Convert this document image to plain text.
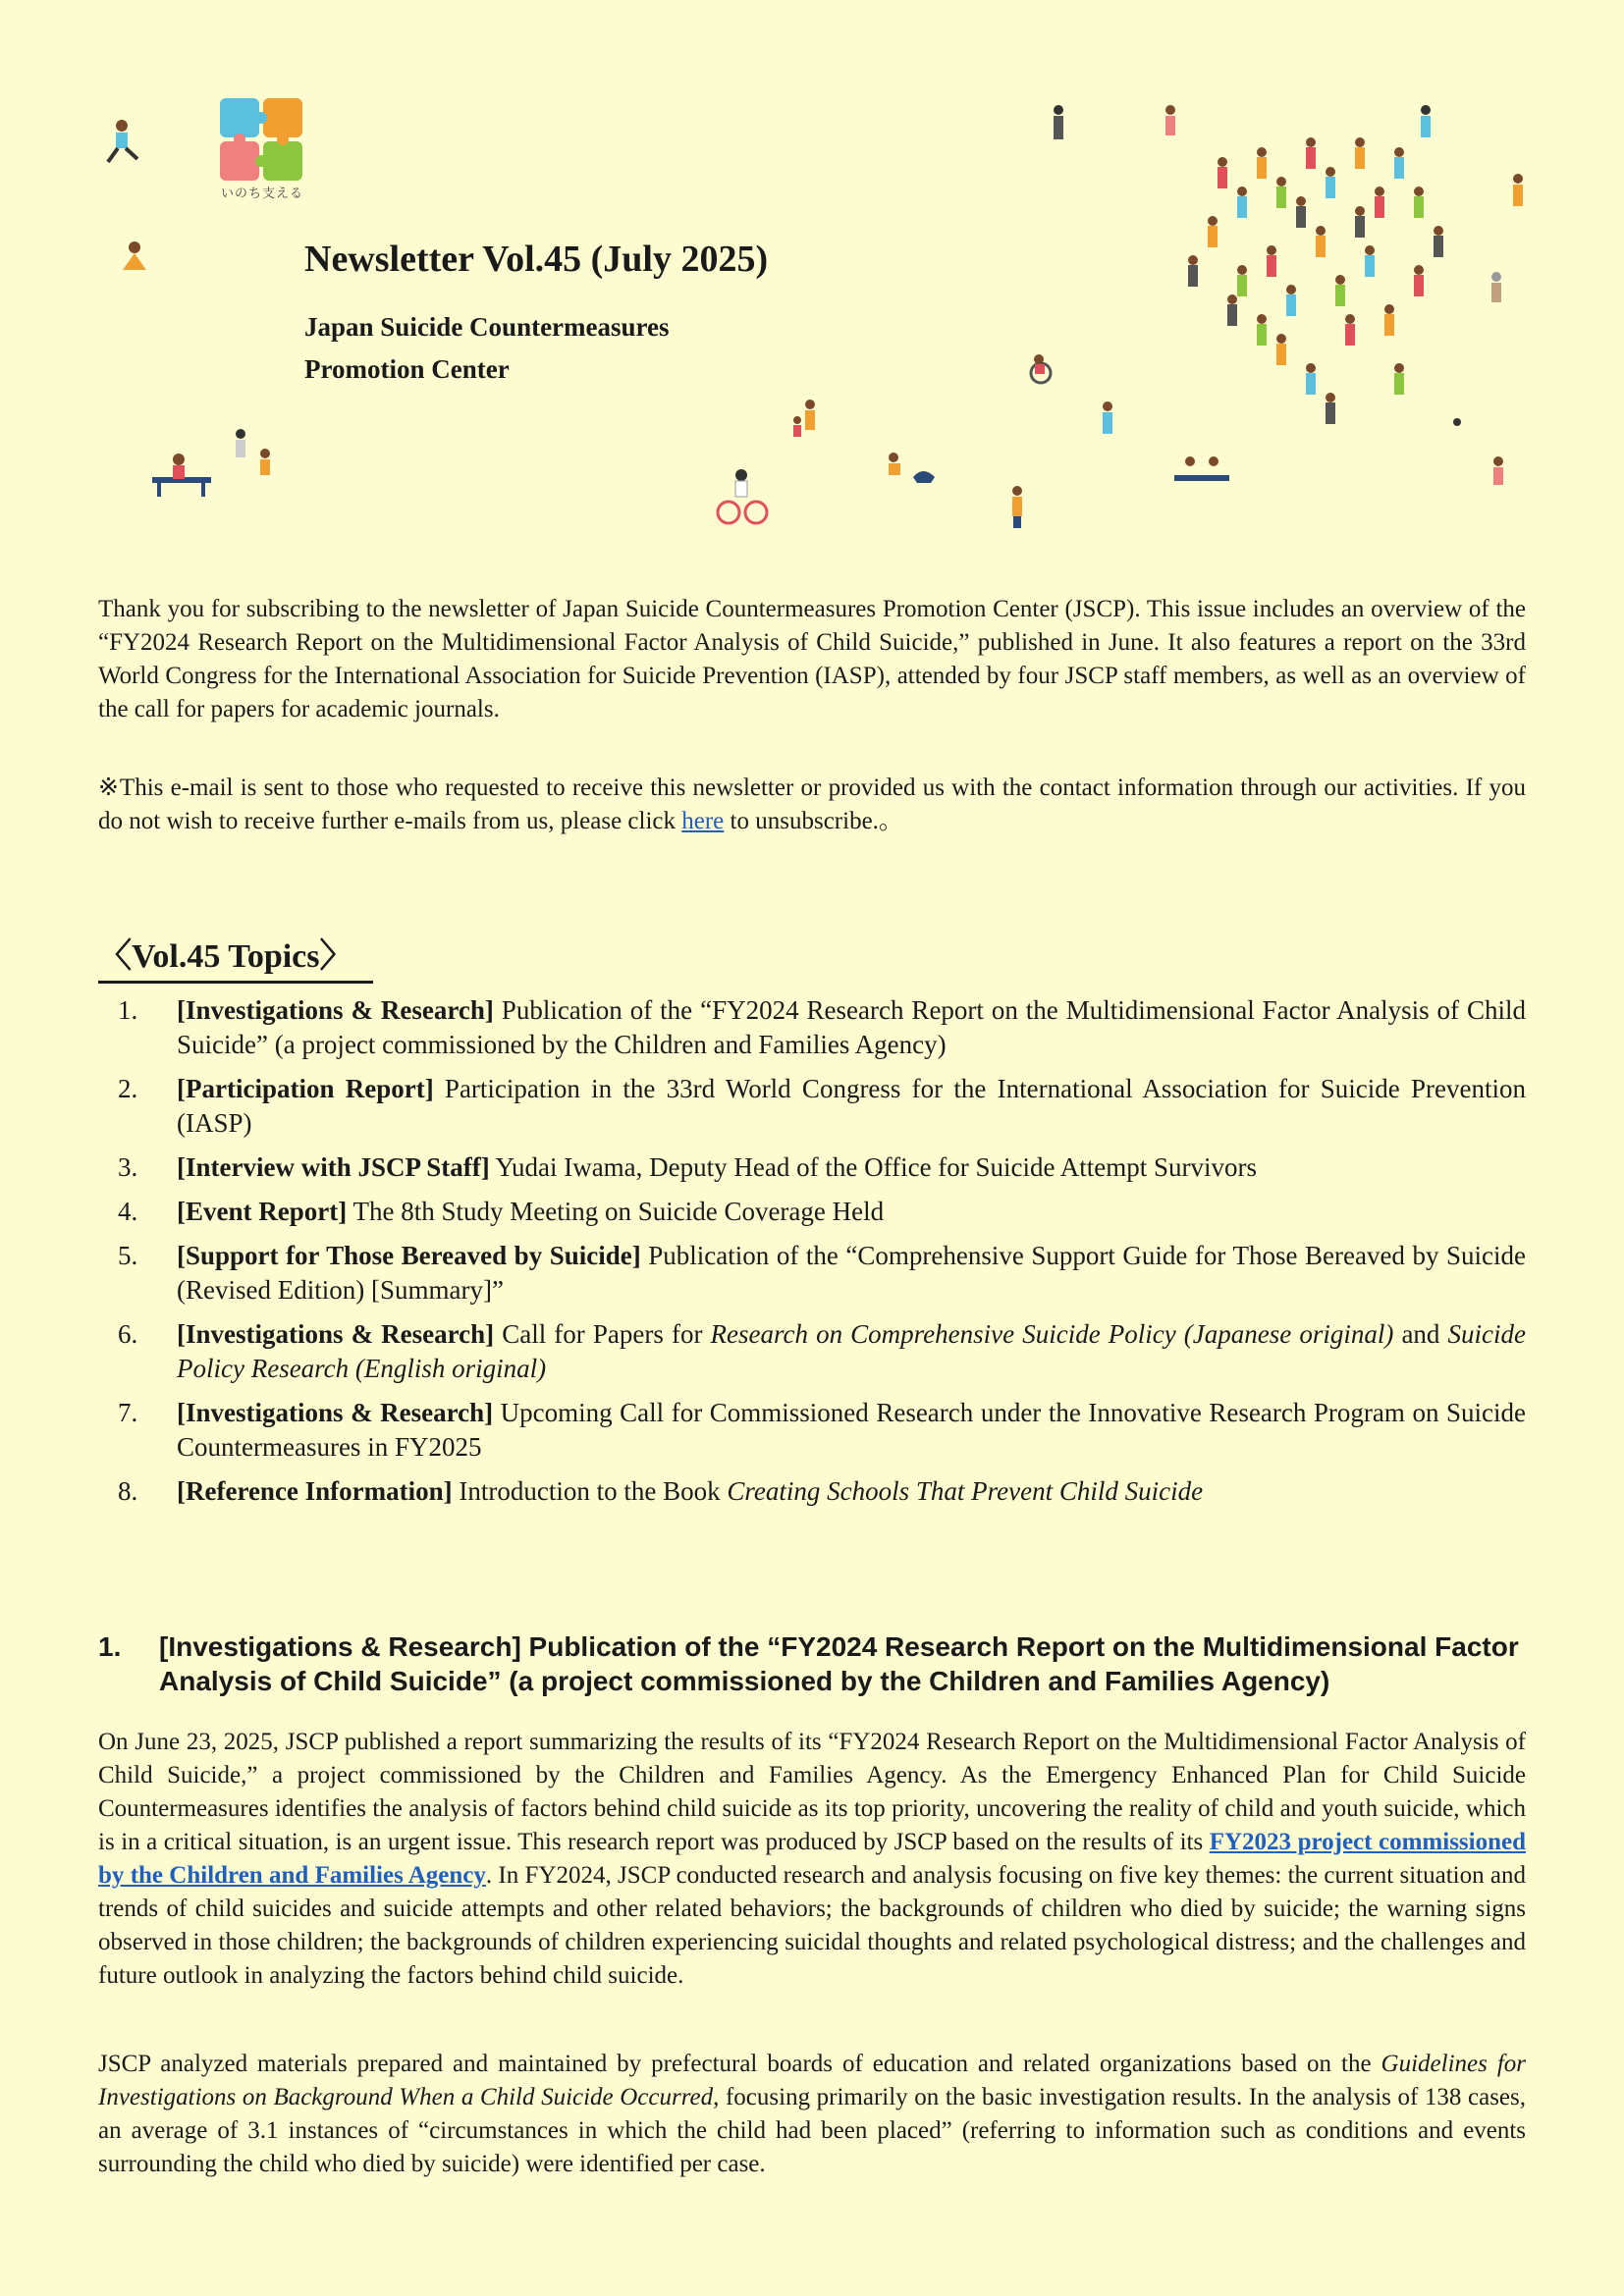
いのち支える
Newsletter Vol.45 (July 2025)
Japan Suicide Countermeasures
Promotion Center

Thank you for subscribing to the newsletter of Japan Suicide Countermeasures Promotion Center (JSCP). This issue includes an overview of the “FY2024 Research Report on the Multidimensional Factor Analysis of Child Suicide,” published in June. It also features a report on the 33rd World Congress for the International Association for Suicide Prevention (IASP), attended by four JSCP staff members, as well as an overview of the call for papers for academic journals.

※This e-mail is sent to those who requested to receive this newsletter or provided us with the contact information through our activities. If you do not wish to receive further e-mails from us, please click here to unsubscribe.。

〈Vol.45 Topics〉
1.	[Investigations & Research] Publication of the “FY2024 Research Report on the Multidimensional Factor Analysis of Child Suicide” (a project commissioned by the Children and Families Agency)
2.	[Participation Report] Participation in the 33rd World Congress for the International Association for Suicide Prevention (IASP)
3.	[Interview with JSCP Staff] Yudai Iwama, Deputy Head of the Office for Suicide Attempt Survivors
4.	[Event Report] The 8th Study Meeting on Suicide Coverage Held
5.	[Support for Those Bereaved by Suicide] Publication of the “Comprehensive Support Guide for Those Bereaved by Suicide (Revised Edition) [Summary]”
6.	[Investigations & Research] Call for Papers for Research on Comprehensive Suicide Policy (Japanese original) and Suicide Policy Research (English original)
7.	[Investigations & Research] Upcoming Call for Commissioned Research under the Innovative Research Program on Suicide Countermeasures in FY2025
8.	[Reference Information] Introduction to the Book Creating Schools That Prevent Child Suicide
1.	[Investigations & Research] Publication of the “FY2024 Research Report on the Multidimensional Factor Analysis of Child Suicide” (a project commissioned by the Children and Families Agency)

On June 23, 2025, JSCP published a report summarizing the results of its “FY2024 Research Report on the Multidimensional Factor Analysis of Child Suicide,” a project commissioned by the Children and Families Agency. As the Emergency Enhanced Plan for Child Suicide Countermeasures identifies the analysis of factors behind child suicide as its top priority, uncovering the reality of child and youth suicide, which is in a critical situation, is an urgent issue. This research report was produced by JSCP based on the results of its FY2023 project commissioned by the Children and Families Agency. In FY2024, JSCP conducted research and analysis focusing on five key themes: the current situation and trends of child suicides and suicide attempts and other related behaviors; the backgrounds of children who died by suicide; the warning signs observed in those children; the backgrounds of children experiencing suicidal thoughts and related psychological distress; and the challenges and future outlook in analyzing the factors behind child suicide.

JSCP analyzed materials prepared and maintained by prefectural boards of education and related organizations based on the Guidelines for Investigations on Background When a Child Suicide Occurred, focusing primarily on the basic investigation results. In the analysis of 138 cases, an average of 3.1 instances of “circumstances in which the child had been placed” (referring to information such as conditions and events surrounding the child who died by suicide) were identified per case.
